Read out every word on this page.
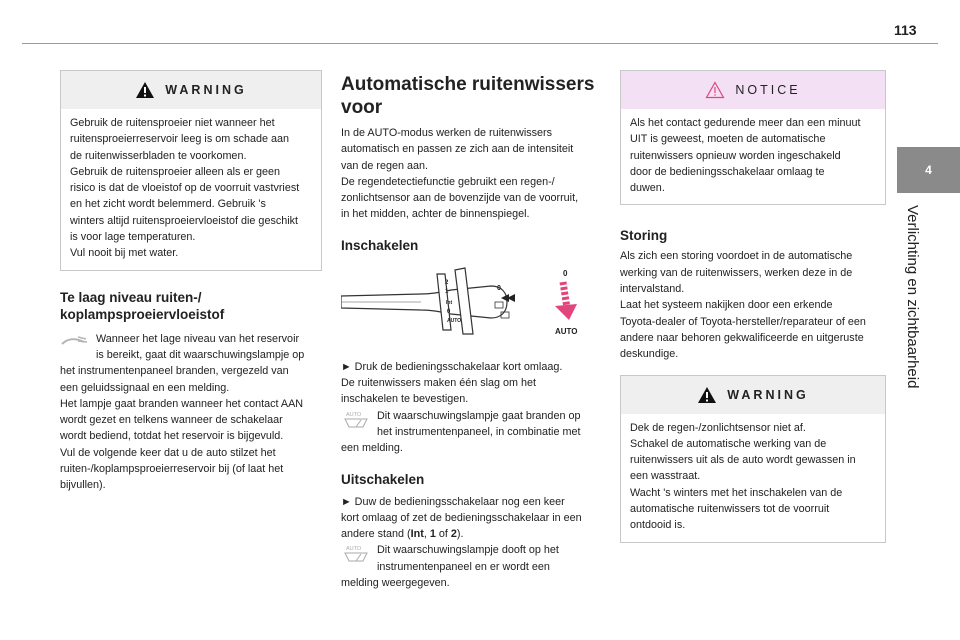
113
4
Verlichting en zichtbaarheid
WARNING
Gebruik de ruitensproeier niet wanneer het
ruitensproeierreservoir leeg is om schade aan
de ruitenwisserbladen te voorkomen.
Gebruik de ruitensproeier alleen als er geen
risico is dat de vloeistof op de voorruit vastvriest
en het zicht wordt belemmerd. Gebruik 's
winters altijd ruitensproeiervloeistof die geschikt
is voor lage temperaturen.
Vul nooit bij met water.
Te laag niveau ruiten-/
koplampsproeiervloeistof

Wanneer het lage niveau van het reservoir
is bereikt, gaat dit waarschuwingslampje op
het instrumentenpaneel branden, vergezeld van
een geluidssignaal en een melding.
Het lampje gaat branden wanneer het contact AAN
wordt gezet en telkens wanneer de schakelaar
wordt bediend, totdat het reservoir is bijgevuld.
Vul de volgende keer dat u de auto stilzet het
ruiten-/koplampsproeierreservoir bij (of laat het
bijvullen).

Automatische ruitenwissers
voor

In de AUTO-modus werken de ruitenwissers
automatisch en passen ze zich aan de intensiteit
van de regen aan.
De regendetectiefunctie gebruikt een regen-/
zonlichtsensor aan de bovenzijde van de voorruit,
in het midden, achter de binnenspiegel.

Inschakelen
2
1
Int
0
AUTO
0
0
AUTO

► Druk de bedieningsschakelaar kort omlaag.
De ruitenwissers maken één slag om het
inschakelen te bevestigen.

AUTO	Dit waarschuwingslampje gaat branden op
het instrumentenpaneel, in combinatie met
een melding.

Uitschakelen

► Duw de bedieningsschakelaar nog een keer
kort omlaag of zet de bedieningsschakelaar in een
andere stand (Int, 1 of 2).

AUTO	Dit waarschuwingslampje dooft op het
instrumentenpaneel en er wordt een
melding weergegeven.

NOTICE
Als het contact gedurende meer dan een minuut
UIT is geweest, moeten de automatische
ruitenwissers opnieuw worden ingeschakeld
door de bedieningsschakelaar omlaag te
duwen.
Storing

Als zich een storing voordoet in de automatische
werking van de ruitenwissers, werken deze in de
intervalstand.
Laat het systeem nakijken door een erkende
Toyota-dealer of Toyota-hersteller/reparateur of een
andere naar behoren gekwalificeerde en uitgeruste
deskundige.

WARNING
Dek de regen-/zonlichtsensor niet af.
Schakel de automatische werking van de
ruitenwissers uit als de auto wordt gewassen in
een wasstraat.
Wacht 's winters met het inschakelen van de
automatische ruitenwissers tot de voorruit
ontdooid is.
